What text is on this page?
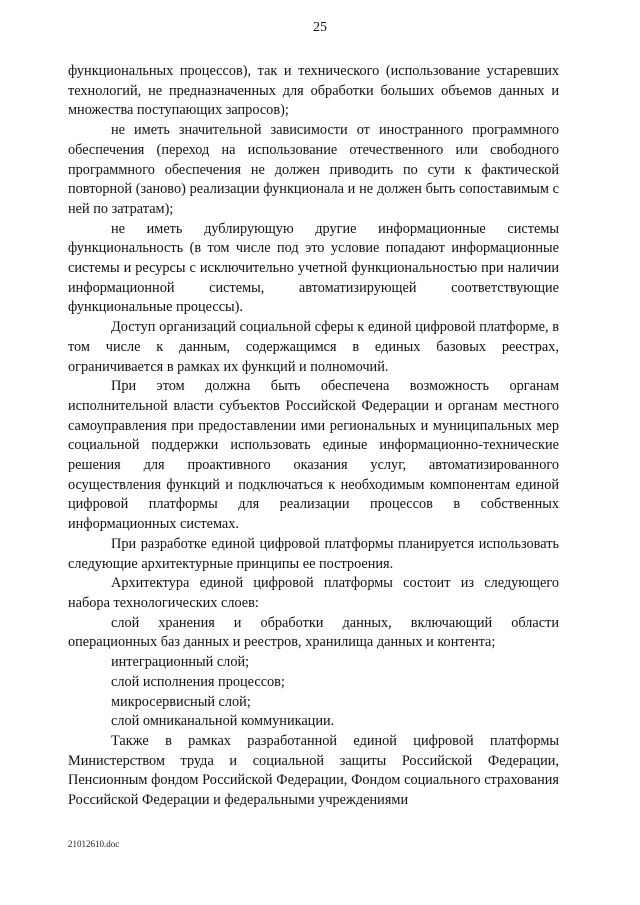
25

функциональных процессов), так и технического (использование устаревших технологий, не предназначенных для обработки больших объемов данных и множества поступающих запросов);

не иметь значительной зависимости от иностранного программного обеспечения (переход на использование отечественного или свободного программного обеспечения не должен приводить по сути к фактической повторной (заново) реализации функционала и не должен быть сопоставимым с ней по затратам);

не иметь дублирующую другие информационные системы функциональность (в том числе под это условие попадают информационные системы и ресурсы с исключительно учетной функциональностью при наличии информационной системы, автоматизирующей соответствующие функциональные процессы).

Доступ организаций социальной сферы к единой цифровой платформе, в том числе к данным, содержащимся в единых базовых реестрах, ограничивается в рамках их функций и полномочий.

При этом должна быть обеспечена возможность органам исполнительной власти субъектов Российской Федерации и органам местного самоуправления при предоставлении ими региональных и муниципальных мер социальной поддержки использовать единые информационно-технические решения для проактивного оказания услуг, автоматизированного осуществления функций и подключаться к необходимым компонентам единой цифровой платформы для реализации процессов в собственных информационных системах.

При разработке единой цифровой платформы планируется использовать следующие архитектурные принципы ее построения.

Архитектура единой цифровой платформы состоит из следующего набора технологических слоев:

слой хранения и обработки данных, включающий области операционных баз данных и реестров, хранилища данных и контента;

интеграционный слой;

слой исполнения процессов;

микросервисный слой;

слой омниканальной коммуникации.

Также в рамках разработанной единой цифровой платформы Министерством труда и социальной защиты Российской Федерации, Пенсионным фондом Российской Федерации, Фондом социального страхования Российской Федерации и федеральными учреждениями

21012610.doc
